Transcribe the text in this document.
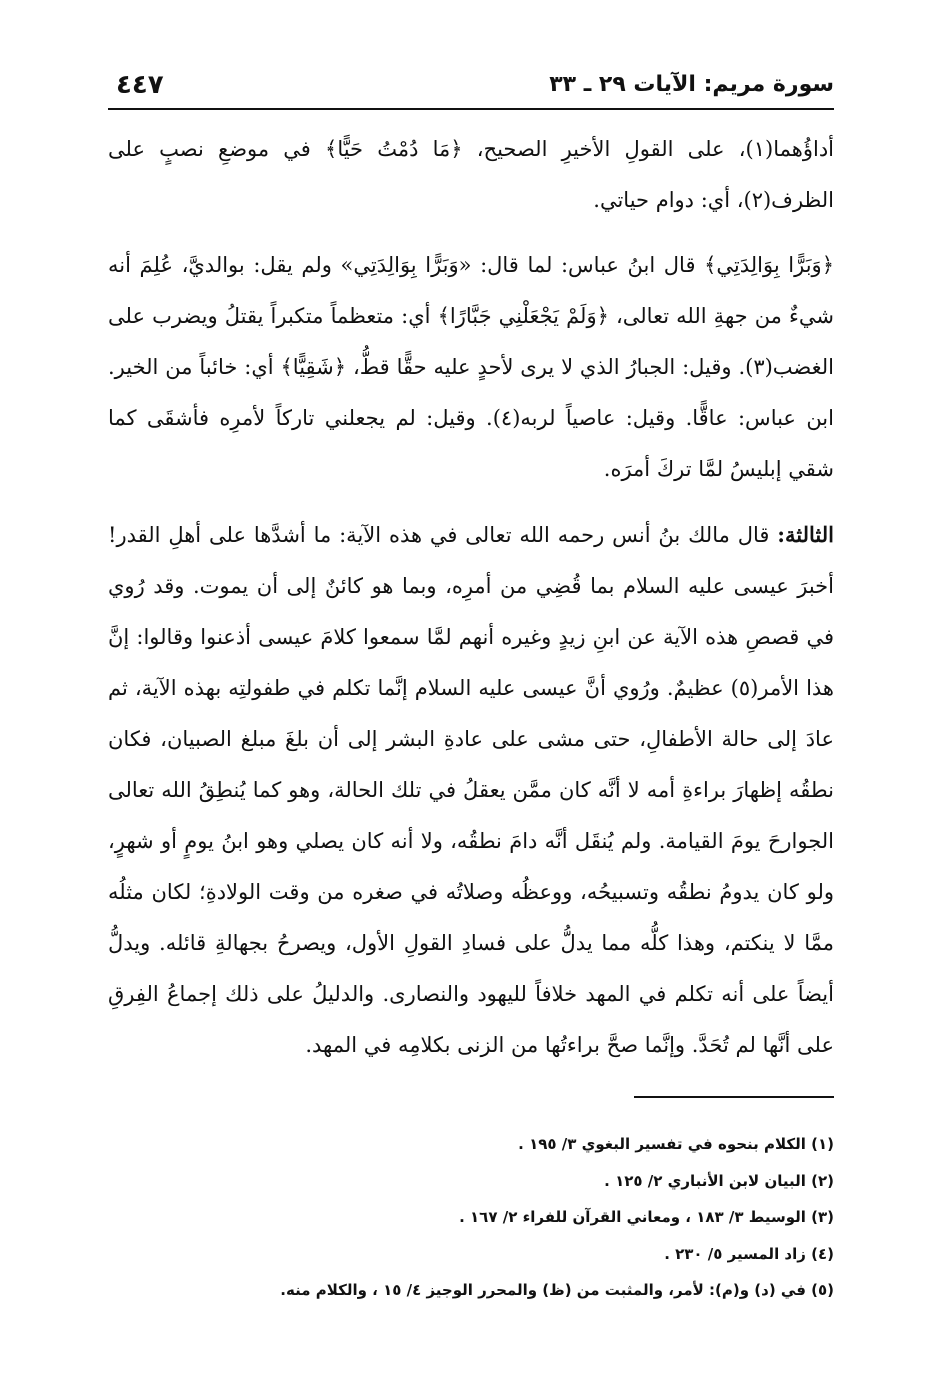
سورة مريم: الآيات ٢٩ ـ ٣٣
٤٤٧

أداؤُهما(١)، على القولِ الأخيرِ الصحيح، ﴿مَا دُمْتُ حَيًّا﴾ في موضعِ نصبٍ على الظرف(٢)، أي: دوام حياتي.

﴿وَبَرًّا بِوَالِدَتِي﴾ قال ابنُ عباس: لما قال: «وَبَرًّا بِوَالِدَتِي» ولم يقل: بوالديَّ، عُلِمَ أنه شيءٌ من جهةِ الله تعالى، ﴿وَلَمْ يَجْعَلْنِي جَبَّارًا﴾ أي: متعظماً متكبراً يقتلُ ويضرب على الغضب(٣). وقيل: الجبارُ الذي لا يرى لأحدٍ عليه حقًّا قطُّ، ﴿شَقِيًّا﴾ أي: خائباً من الخير. ابن عباس: عاقًّا. وقيل: عاصياً لربه(٤). وقيل: لم يجعلني تاركاً لأمرِه فأشقَى كما شقي إبليسُ لمَّا تركَ أمرَه.

الثالثة: قال مالك بنُ أنس رحمه الله تعالى في هذه الآية: ما أشدَّها على أهلِ القدر! أخبرَ عيسى عليه السلام بما قُضِي من أمرِه، وبما هو كائنٌ إلى أن يموت. وقد رُوي في قصصِ هذه الآية عن ابنِ زيدٍ وغيره أنهم لمَّا سمعوا كلامَ عيسى أذعنوا وقالوا: إنَّ هذا الأمر(٥) عظيمٌ. ورُوي أنَّ عيسى عليه السلام إنَّما تكلم في طفولتِه بهذه الآية، ثم عادَ إلى حالة الأطفالِ، حتى مشى على عادةِ البشر إلى أن بلغَ مبلغ الصبيان، فكان نطقُه إظهارَ براءةِ أمه لا أنَّه كان ممَّن يعقلُ في تلك الحالة، وهو كما يُنطِقُ الله تعالى الجوارحَ يومَ القيامة. ولم يُنقَل أنَّه دامَ نطقُه، ولا أنه كان يصلي وهو ابنُ يومٍ أو شهرٍ، ولو كان يدومُ نطقُه وتسبيحُه، ووعظُه وصلاتُه في صغره من وقت الولادةِ؛ لكان مثلُه ممَّا لا ينكتم، وهذا كلُّه مما يدلُّ على فسادِ القولِ الأول، ويصرحُ بجهالةِ قائله. ويدلُّ أيضاً على أنه تكلم في المهد خلافاً لليهود والنصارى. والدليلُ على ذلك إجماعُ الفِرقِ على أنَّها لم تُحَدَّ. وإنَّما صحَّ براءتُها من الزنى بكلامِه في المهد.

(١) الكلام بنحوه في تفسير البغوي ٣/ ١٩٥ .
(٢) البيان لابن الأنباري ٢/ ١٢٥ .
(٣) الوسيط ٣/ ١٨٣ ، ومعاني القرآن للفراء ٢/ ١٦٧ .
(٤) زاد المسير ٥/ ٢٣٠ .
(٥) في (د) و(م): لأمر، والمثبت من (ظ) والمحرر الوجيز ٤/ ١٥ ، والكلام منه.
